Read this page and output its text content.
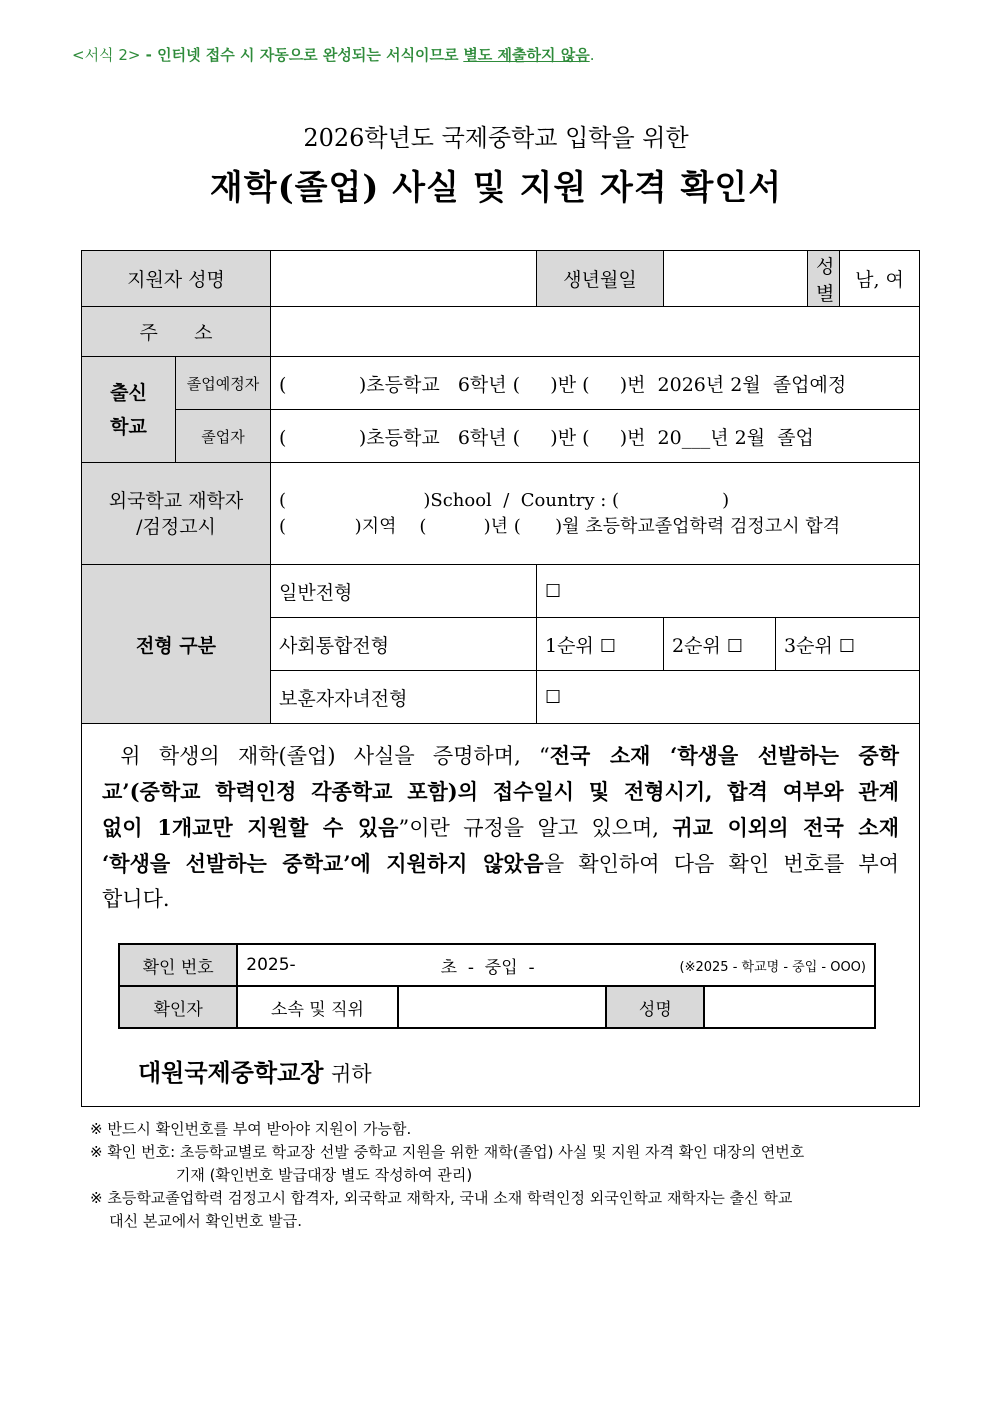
<서식 2> - 인터넷 접수 시 자동으로 완성되는 서식이므로 별도 제출하지 않음.
2026학년도 국제중학교 입학을 위한
재학(졸업) 사실 및 지원 자격 확인서
지원자 성명		생년월일		성별	남, 여
주      소	
출신
학교	졸업예정자	(            )초등학교   6학년 (     )반 (     )번  2026년 2월  졸업예정
졸업자	(            )초등학교   6학년 (     )반 (     )번  20___년 2월  졸업
외국학교 재학자
/검정고시	
(                        )School  /  Country : (                  )
(            )지역    (          )년 (      )월 초등학교졸업학력 검정고시 합격

전형 구분	일반전형	☐
사회통합전형	1순위 ☐	2순위 ☐	3순위 ☐
보훈자자녀전형	☐

위  학생의  재학(졸업)  사실을  증명하며,  “전국  소재  ‘학생을  선발하는  중학교’(중학교  학력인정  각종학교  포함)의  접수일시  및  전형시기,  합격  여부와  관계없이  1개교만  지원할  수  있음”이란  규정을  알고  있으며,  귀교  이외의  전국  소재  ‘학생을  선발하는  중학교’에  지원하지  않았음을  확인하여  다음  확인  번호를  부여합니다.

확인 번호	2025-	초  -  중입  -	(※2025 - 학교명 - 중입 - OOO)

확인자	소속 및 직위		성명	
대원국제중학교장 귀하
※ 반드시 확인번호를 부여 받아야 지원이 가능함.
※ 확인 번호: 초등학교별로 학교장 선발 중학교 지원을 위한 재학(졸업) 사실 및 지원 자격 확인 대장의 연번호
기재 (확인번호 발급대장 별도 작성하여 관리)
※ 초등학교졸업학력 검정고시 합격자, 외국학교 재학자, 국내 소재 학력인정 외국인학교 재학자는 출신 학교
대신 본교에서 확인번호 발급.
